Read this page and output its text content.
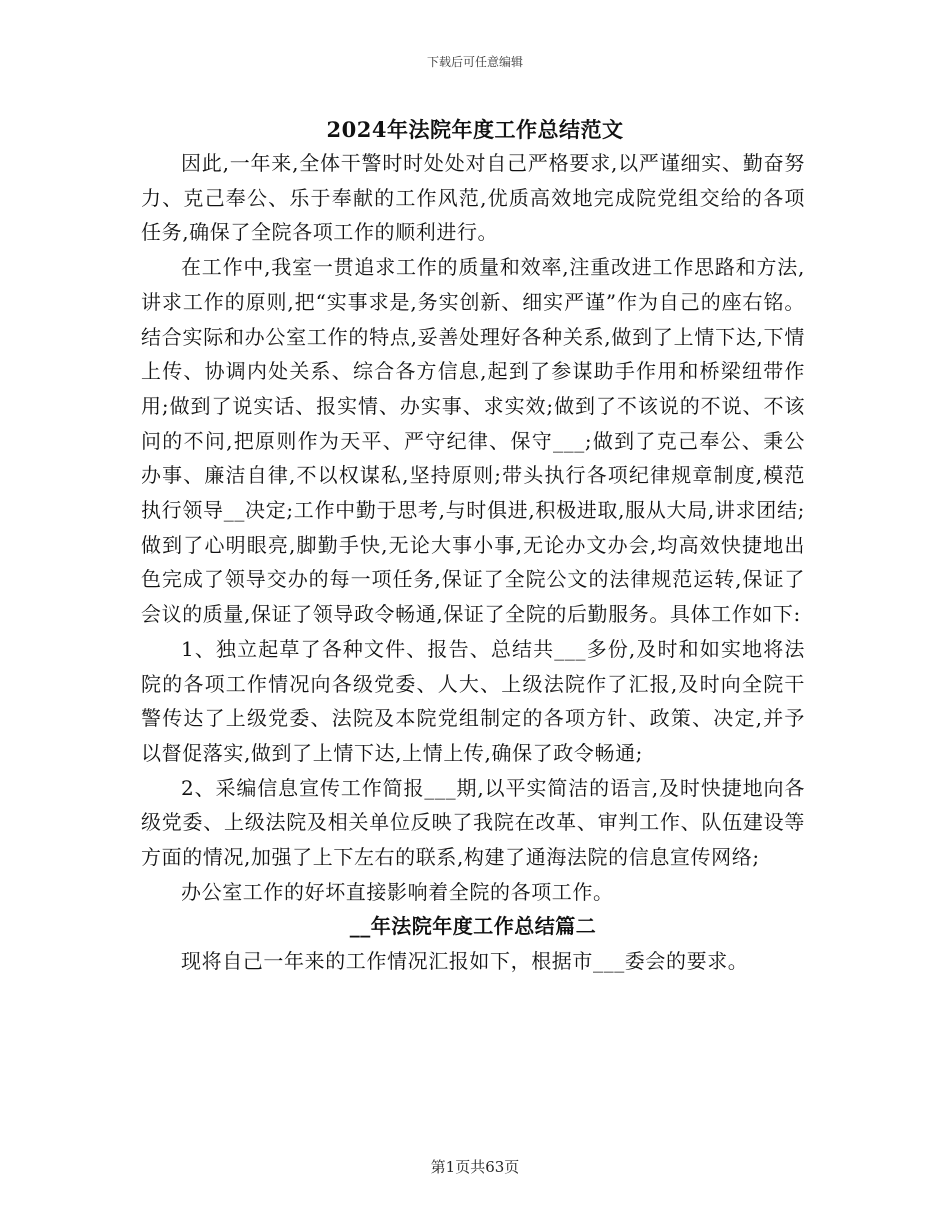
下载后可任意编辑
2024年法院年度工作总结范文

因此,一年来,全体干警时时处处对自己严格要求,以严谨细实、勤奋努力、克己奉公、乐于奉献的工作风范,优质高效地完成院党组交给的各项任务,确保了全院各项工作的顺利进行。

在工作中,我室一贯追求工作的质量和效率,注重改进工作思路和方法,讲求工作的原则,把“实事求是,务实创新、细实严谨”作为自己的座右铭。结合实际和办公室工作的特点,妥善处理好各种关系,做到了上情下达,下情上传、协调内处关系、综合各方信息,起到了参谋助手作用和桥梁纽带作用;做到了说实话、报实情、办实事、求实效;做到了不该说的不说、不该问的不问,把原则作为天平、严守纪律、保守___;做到了克己奉公、秉公办事、廉洁自律,不以权谋私,坚持原则;带头执行各项纪律规章制度,模范执行领导__决定;工作中勤于思考,与时俱进,积极进取,服从大局,讲求团结;做到了心明眼亮,脚勤手快,无论大事小事,无论办文办会,均高效快捷地出色完成了领导交办的每一项任务,保证了全院公文的法律规范运转,保证了会议的质量,保证了领导政令畅通,保证了全院的后勤服务。具体工作如下:

1、独立起草了各种文件、报告、总结共___多份,及时和如实地将法院的各项工作情况向各级党委、人大、上级法院作了汇报,及时向全院干警传达了上级党委、法院及本院党组制定的各项方针、政策、决定,并予以督促落实,做到了上情下达,上情上传,确保了政令畅通;

2、采编信息宣传工作简报___期,以平实简洁的语言,及时快捷地向各级党委、上级法院及相关单位反映了我院在改革、审判工作、队伍建设等方面的情况,加强了上下左右的联系,构建了通海法院的信息宣传网络;

办公室工作的好坏直接影响着全院的各项工作。

__年法院年度工作总结篇二

现将自己一年来的工作情况汇报如下，根据市___委会的要求。

第1页共63页
